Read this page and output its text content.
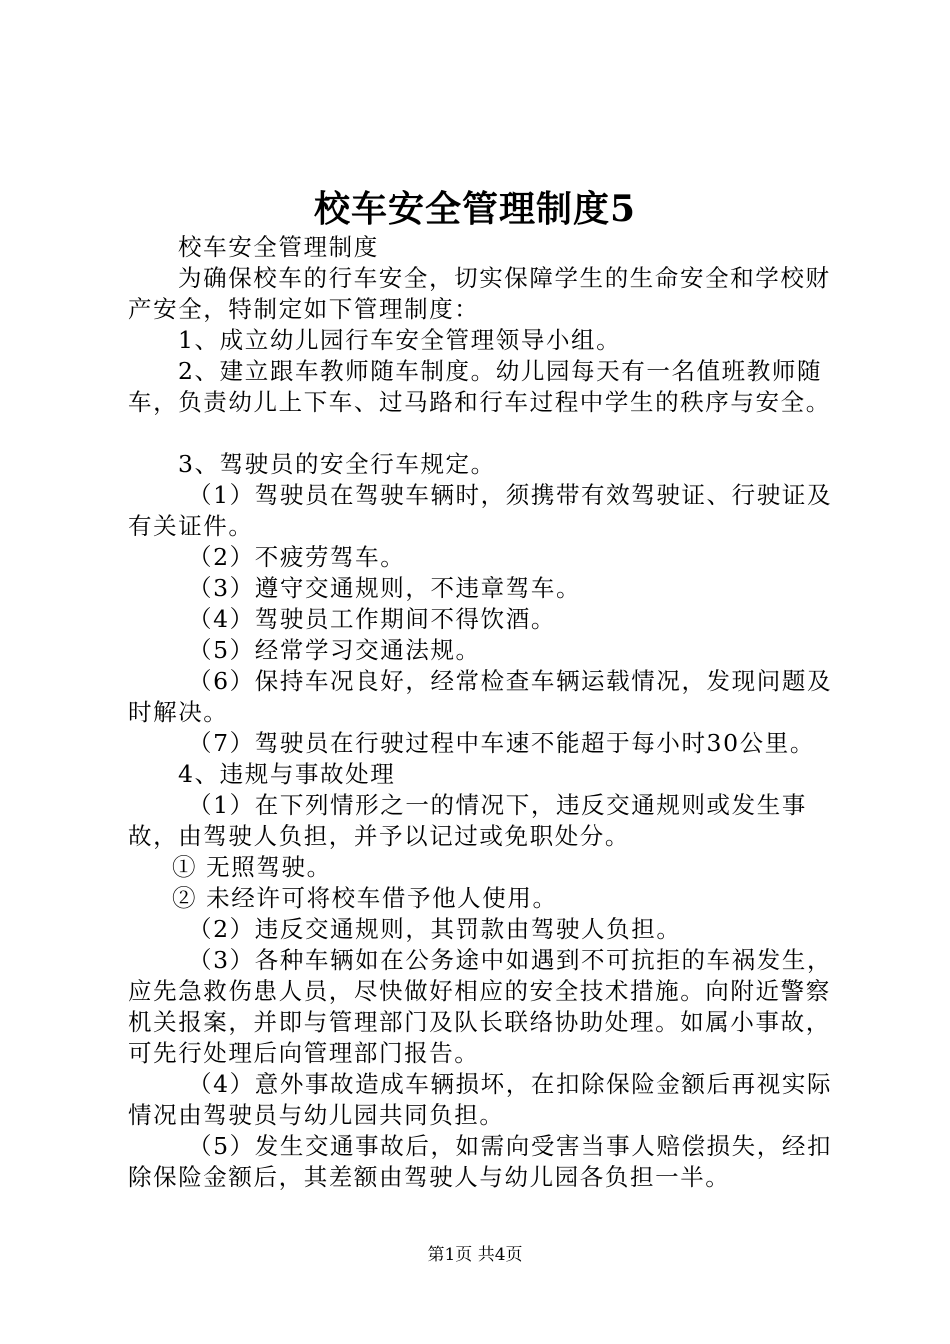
校车安全管理制度5

校车安全管理制度

为确保校车的行车安全，切实保障学生的生命安全和学校财产安全，特制定如下管理制度：

1、成立幼儿园行车安全管理领导小组。

2、建立跟车教师随车制度。幼儿园每天有一名值班教师随车，负责幼儿上下车、过马路和行车过程中学生的秩序与安全。

3、驾驶员的安全行车规定。

（1）驾驶员在驾驶车辆时，须携带有效驾驶证、行驶证及有关证件。

（2）不疲劳驾车。

（3）遵守交通规则，不违章驾车。

（4）驾驶员工作期间不得饮酒。

（5）经常学习交通法规。

（6）保持车况良好，经常检查车辆运载情况，发现问题及时解决。

（7）驾驶员在行驶过程中车速不能超于每小时30公里。

4、违规与事故处理

（1）在下列情形之一的情况下，违反交通规则或发生事故，由驾驶人负担，并予以记过或免职处分。

① 无照驾驶。

② 未经许可将校车借予他人使用。

（2）违反交通规则，其罚款由驾驶人负担。

（3）各种车辆如在公务途中如遇到不可抗拒的车祸发生，应先急救伤患人员，尽快做好相应的安全技术措施。向附近警察机关报案，并即与管理部门及队长联络协助处理。如属小事故，可先行处理后向管理部门报告。

（4）意外事故造成车辆损坏，在扣除保险金额后再视实际情况由驾驶员与幼儿园共同负担。

（5）发生交通事故后，如需向受害当事人赔偿损失，经扣除保险金额后，其差额由驾驶人与幼儿园各负担一半。

第1页 共4页
